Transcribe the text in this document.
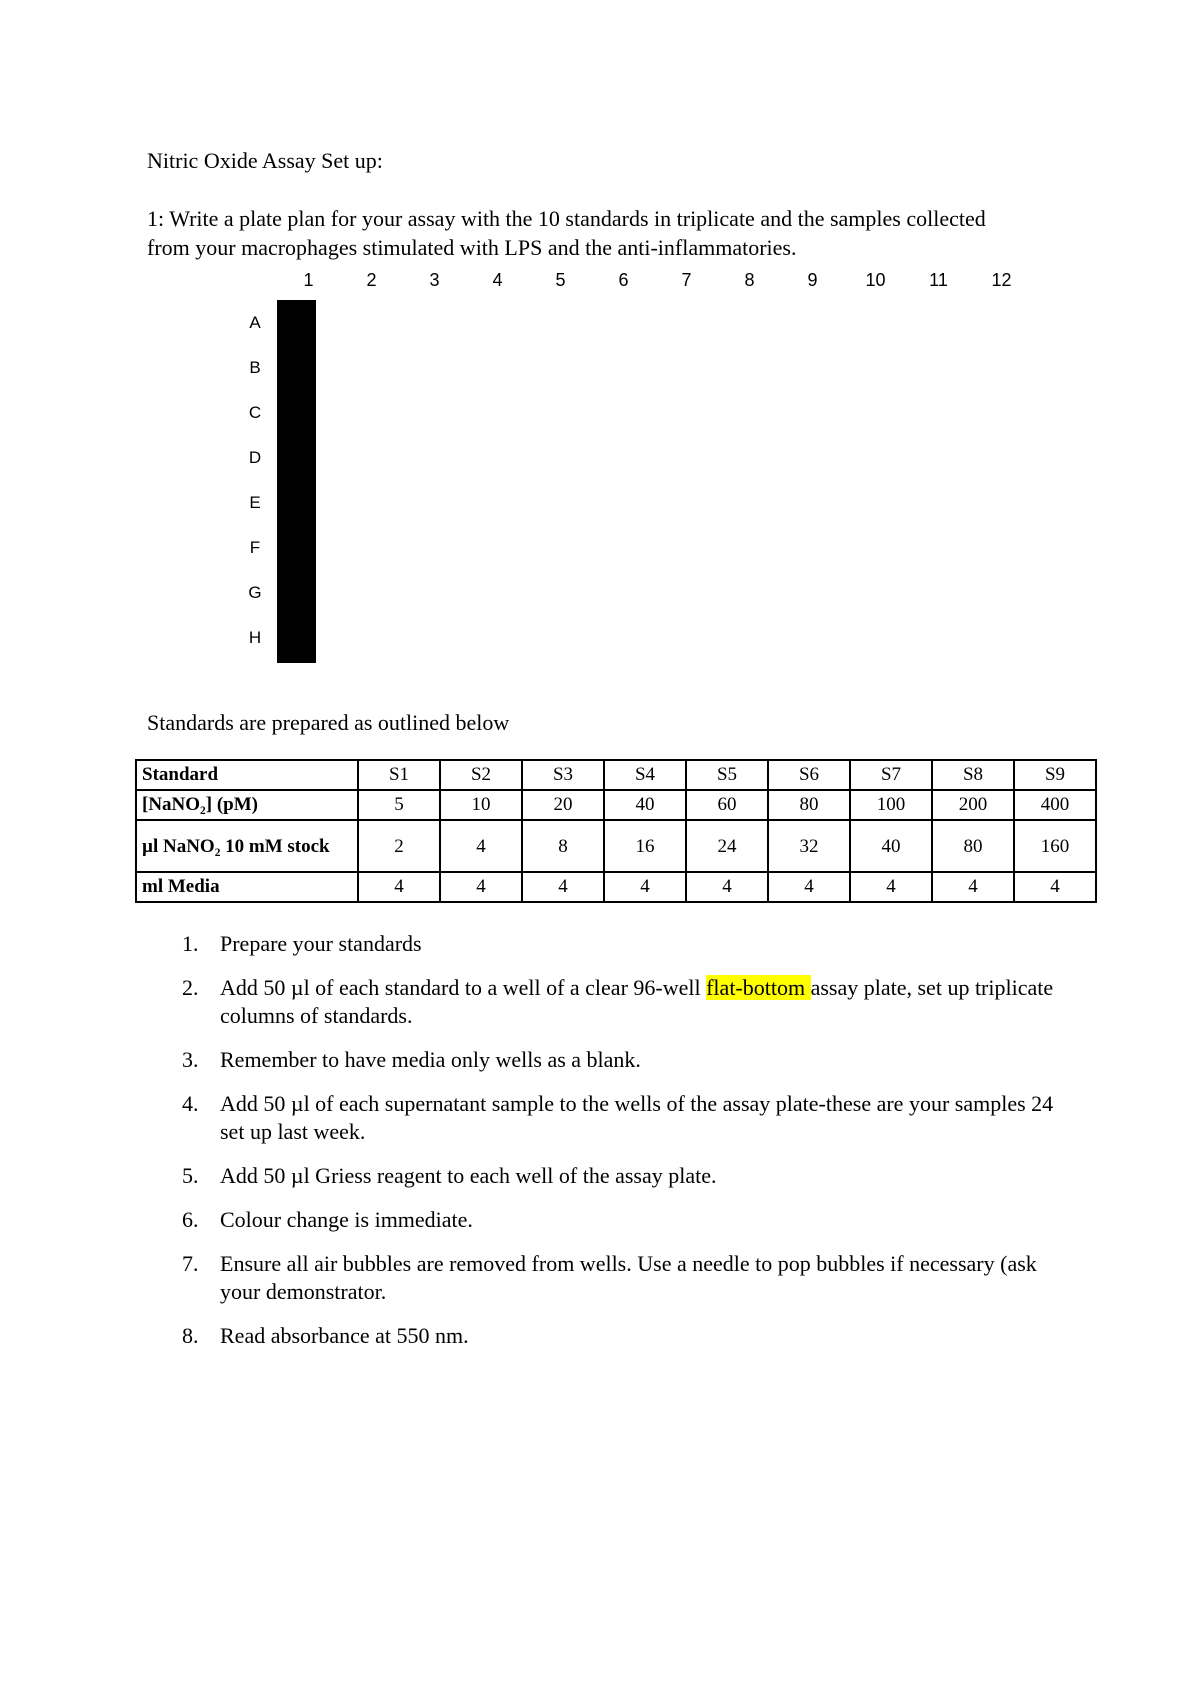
Nitric Oxide Assay Set up:
1: Write a plate plan for your assay with the 10 standards in triplicate and the samples collected from your macrophages stimulated with LPS and the anti-inflammatories.
1	2	3	4	5	6	7	8	9	10	11	12
A
B
C
D
E
F
G
H

Standards are prepared as outlined below
Standard	S1	S2	S3	S4	S5	S6	S7	S8	S9
[NaNO₂] (pM)	5	10	20	40	60	80	100	200	400
µl NaNO₂ 10 mM stock	2	4	8	16	24	32	40	80	160
ml Media	4	4	4	4	4	4	4	4	4
1. Prepare your standards
2. Add 50 µl of each standard to a well of a clear 96-well flat-bottom assay plate, set up triplicate columns of standards.
3. Remember to have media only wells as a blank.
4. Add 50 µl of each supernatant sample to the wells of the assay plate-these are your samples 24 set up last week.
5. Add 50 µl Griess reagent to each well of the assay plate.
6. Colour change is immediate.
7. Ensure all air bubbles are removed from wells. Use a needle to pop bubbles if necessary (ask your demonstrator.
8. Read absorbance at 550 nm.
